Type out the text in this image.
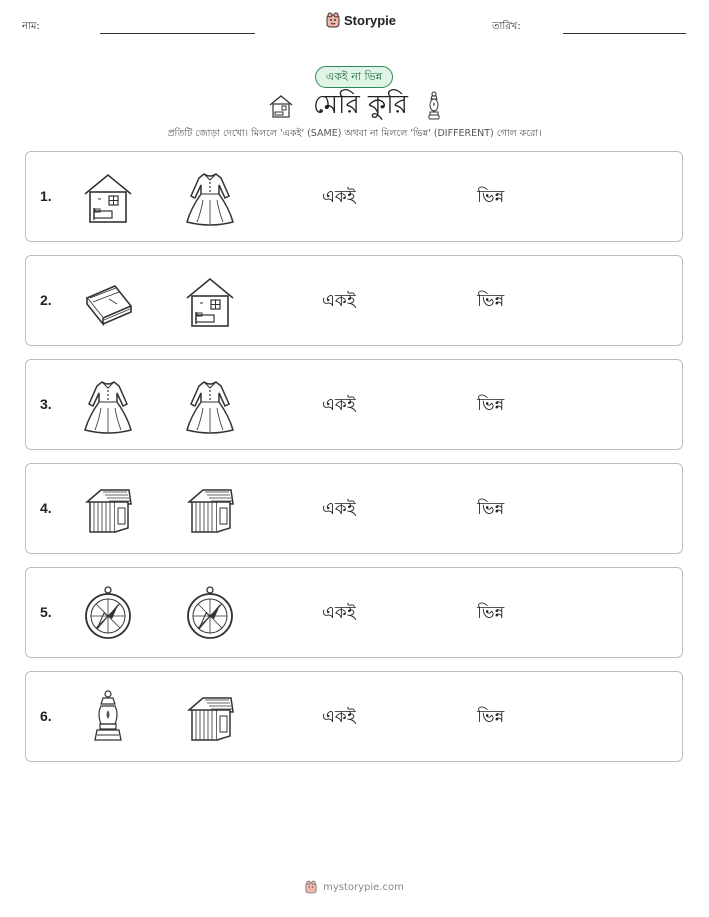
নাম:	Storypie	তারিখ:
একই না ভিন্ন
মেরি কুরি
প্রতিটি জোড়া দেখো। মিললে 'একই' (SAME) অথবা না মিললে 'ভিন্ন' (DIFFERENT) গোল করো।
1.	একই	ভিন্ন
2.	একই	ভিন্ন
3.	একই	ভিন্ন
4.	একই	ভিন্ন
5.	একই	ভিন্ন
6.	একই	ভিন্ন
mystorypie.com
